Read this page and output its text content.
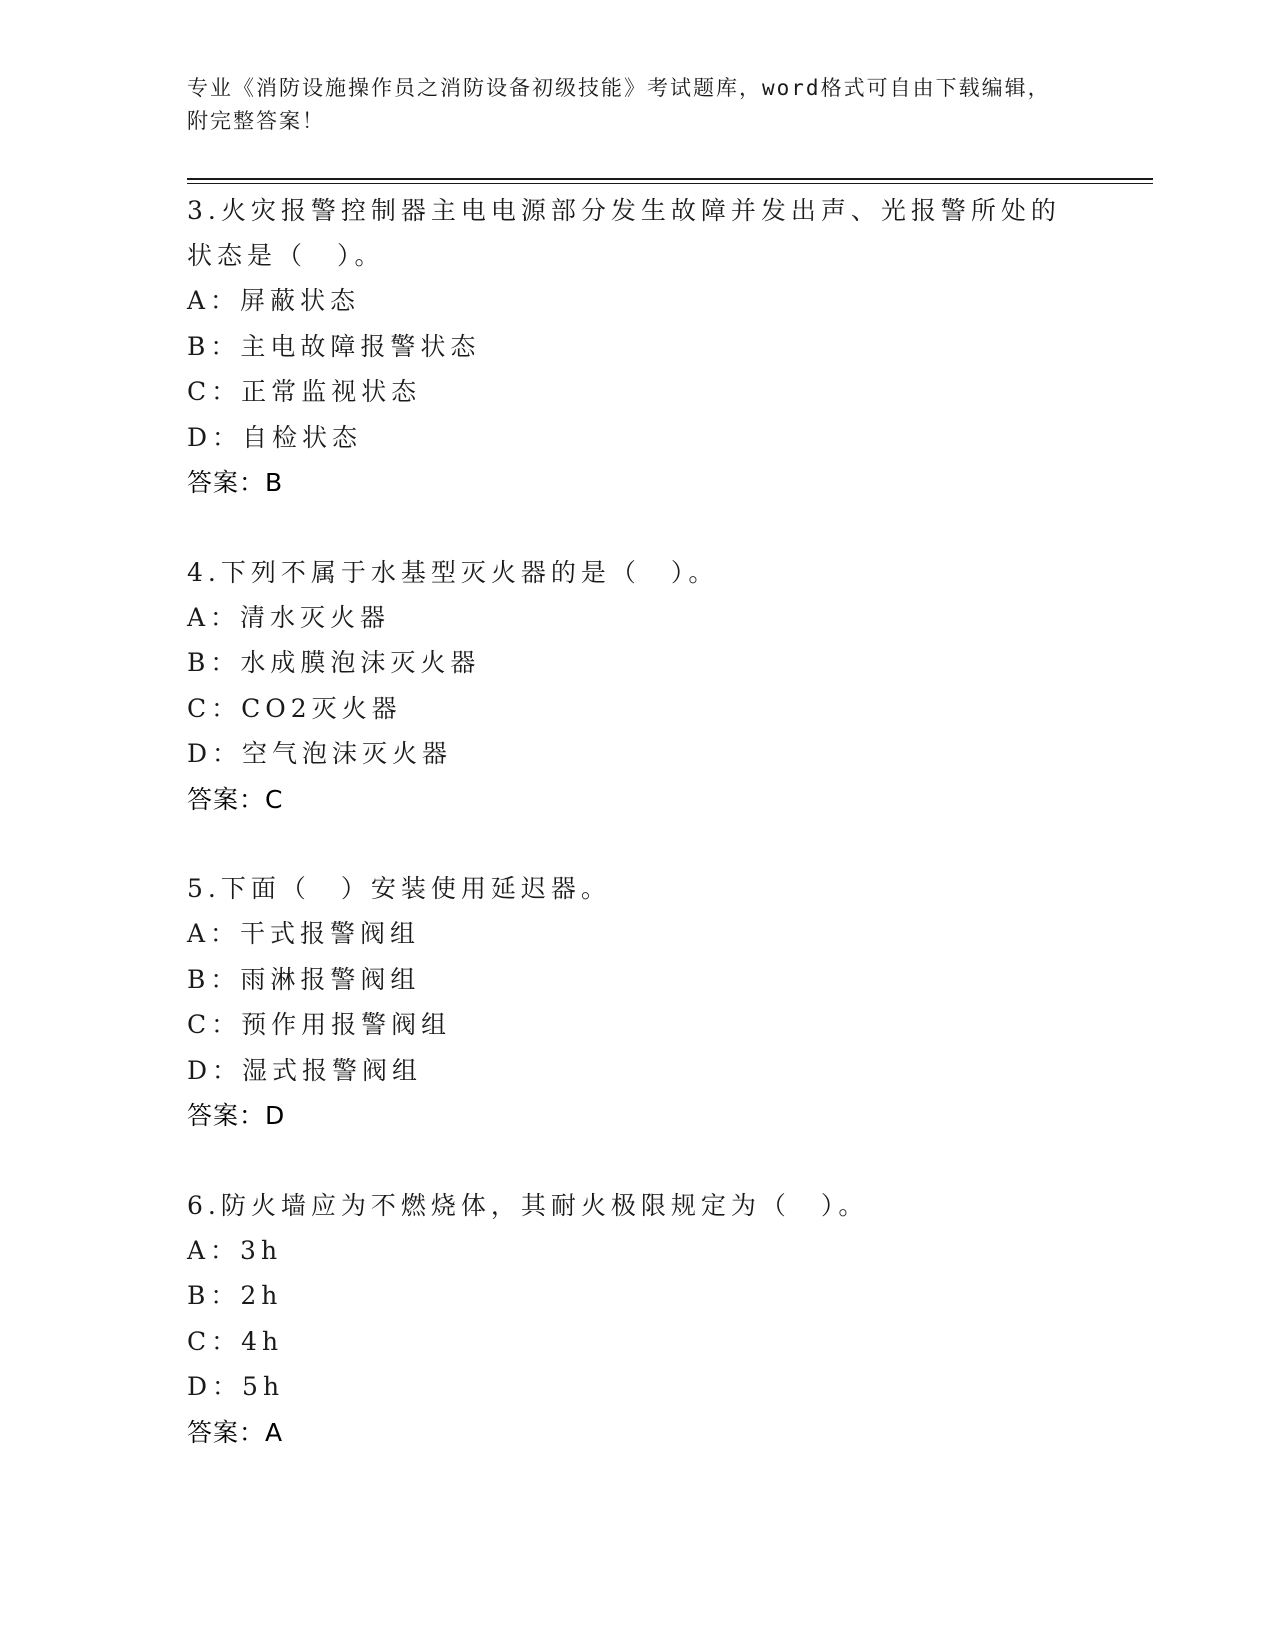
专业《消防设施操作员之消防设备初级技能》考试题库，word格式可自由下载编辑，附完整答案！
3.火灾报警控制器主电电源部分发生故障并发出声、光报警所处的状态是（　）。
A：屏蔽状态
B：主电故障报警状态
C：正常监视状态
D：自检状态
答案：B
4.下列不属于水基型灭火器的是（　）。
A：清水灭火器
B：水成膜泡沫灭火器
C：CO2灭火器
D：空气泡沫灭火器
答案：C
5.下面（　）安装使用延迟器。
A：干式报警阀组
B：雨淋报警阀组
C：预作用报警阀组
D：湿式报警阀组
答案：D
6.防火墙应为不燃烧体，其耐火极限规定为（　）。
A：3h
B：2h
C：4h
D：5h
答案：A
